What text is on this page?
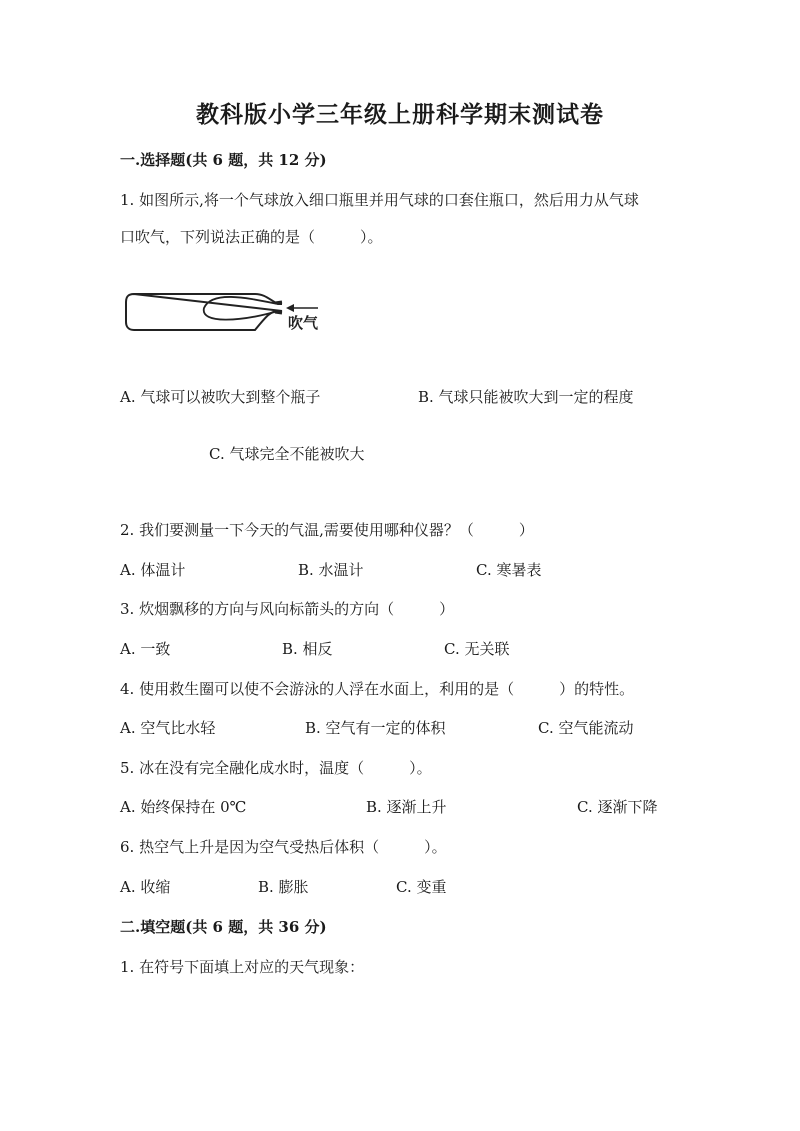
教科版小学三年级上册科学期末测试卷
一.选择题(共 6 题，共 12 分)
1. 如图所示,将一个气球放入细口瓶里并用气球的口套住瓶口，然后用力从气球
口吹气，下列说法正确的是（　　　）。
吹气
A. 气球可以被吹大到整个瓶子	B. 气球只能被吹大到一定的程度
C. 气球完全不能被吹大
2. 我们要测量一下今天的气温,需要使用哪种仪器？（　　　）
A. 体温计	B. 水温计	C. 寒暑表
3. 炊烟飘移的方向与风向标箭头的方向（　　　）
A. 一致	B. 相反	C. 无关联
4. 使用救生圈可以使不会游泳的人浮在水面上，利用的是（　　　）的特性。
A. 空气比水轻	B. 空气有一定的体积	C. 空气能流动
5. 冰在没有完全融化成水时，温度（　　　）。
A. 始终保持在 0℃	B. 逐渐上升	C. 逐渐下降
6. 热空气上升是因为空气受热后体积（　　　）。
A. 收缩	B. 膨胀	C. 变重
二.填空题(共 6 题，共 36 分)
1. 在符号下面填上对应的天气现象：
